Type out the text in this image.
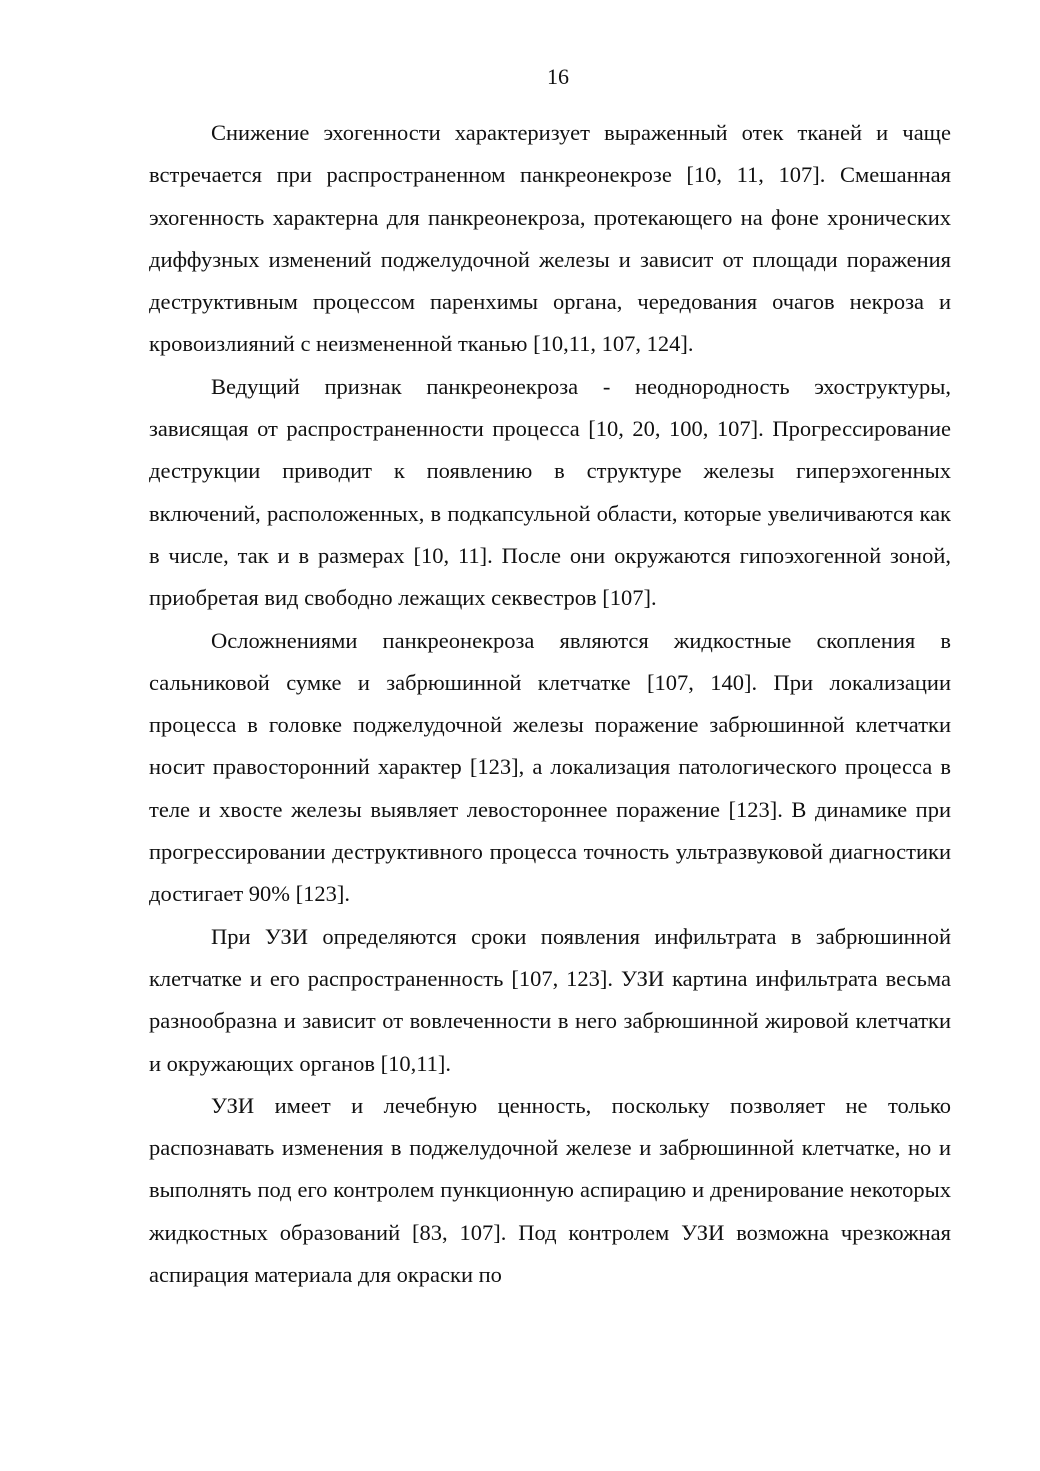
16

Снижение эхогенности характеризует выраженный отек тканей и чаще встречается при распространенном панкреонекрозе [10, 11, 107]. Смешанная эхогенность характерна для панкреонекроза, протекающего на фоне хронических диффузных изменений поджелудочной железы и зависит от площади поражения деструктивным процессом паренхимы органа, чередования очагов некроза и кровоизлияний с неизмененной тканью [10,11, 107, 124].

Ведущий признак панкреонекроза - неоднородность эхоструктуры, зависящая от распространенности процесса [10, 20, 100, 107]. Прогрессирование деструкции приводит к появлению в структуре железы гиперэхогенных включений, расположенных, в подкапсульной области, которые увеличиваются как в числе, так и в размерах [10, 11]. После они окружаются гипоэхогенной зоной, приобретая вид свободно лежащих секвестров [107].

Осложнениями панкреонекроза являются жидкостные скопления в сальниковой сумке и забрюшинной клетчатке [107, 140]. При локализации процесса в головке поджелудочной железы поражение забрюшинной клетчатки носит правосторонний характер [123], а локализация патологического процесса в теле и хвосте железы выявляет левостороннее поражение [123]. В динамике при прогрессировании деструктивного процесса точность ультразвуковой диагностики достигает 90% [123].

При УЗИ определяются сроки появления инфильтрата в забрюшинной клетчатке и его распространенность [107, 123]. УЗИ картина инфильтрата весьма разнообразна и зависит от вовлеченности в него забрюшинной жировой клетчатки и окружающих органов [10,11].

УЗИ имеет и лечебную ценность, поскольку позволяет не только распознавать изменения в поджелудочной железе и забрюшинной клетчатке, но и выполнять под его контролем пункционную аспирацию и дренирование некоторых жидкостных образований [83, 107]. Под контролем УЗИ возможна чрезкожная аспирация материала для окраски по
